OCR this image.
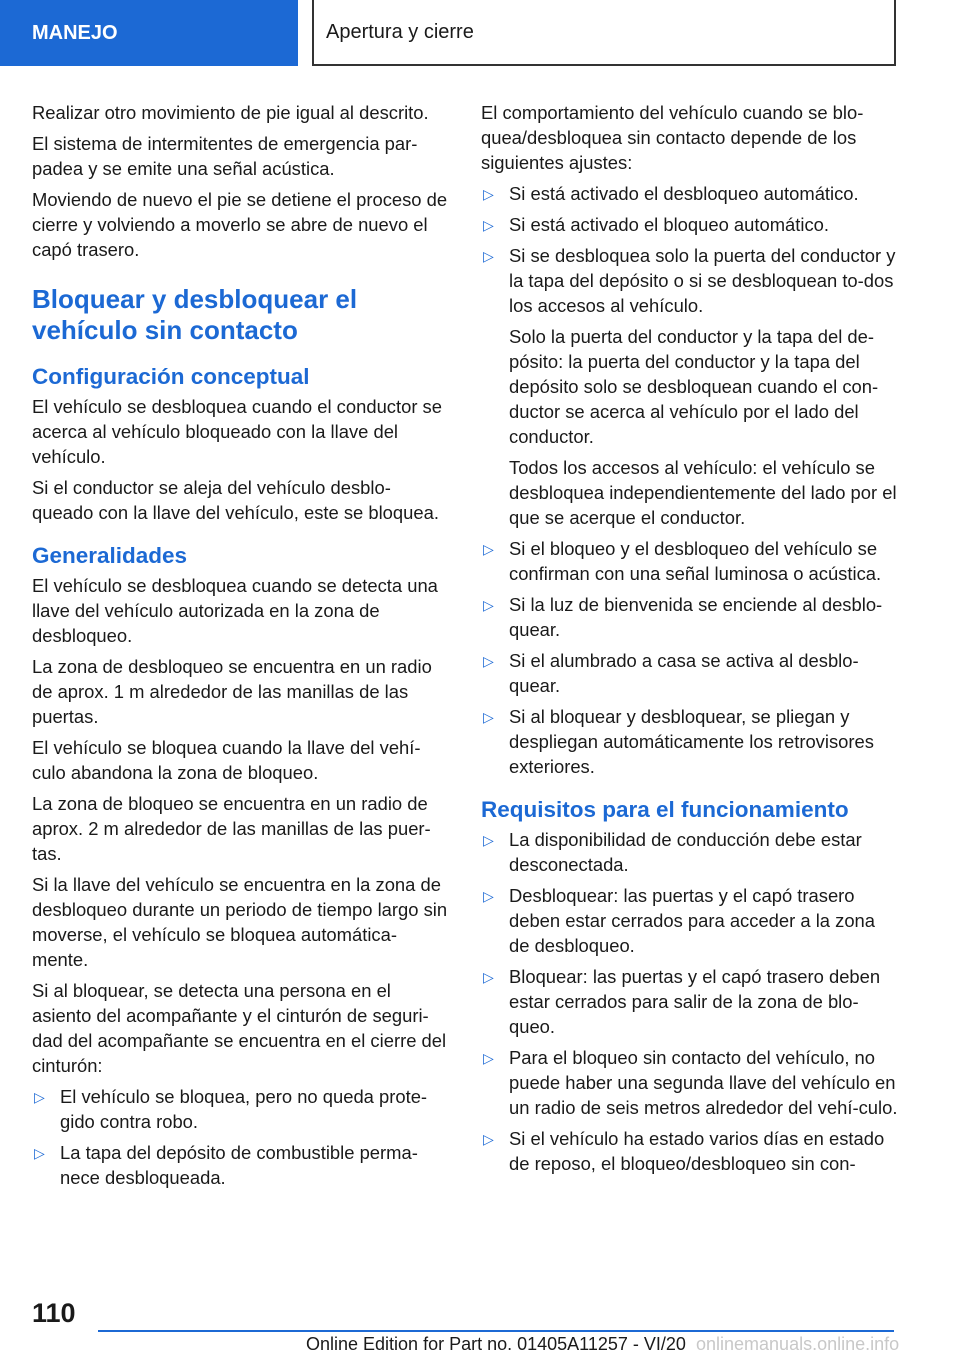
MANEJO	Apertura y cierre

Realizar otro movimiento de pie igual al descrito.

El sistema de intermitentes de emergencia par-padea y se emite una señal acústica.

Moviendo de nuevo el pie se detiene el proceso de cierre y volviendo a moverlo se abre de nuevo el capó trasero.

Bloquear y desbloquear el vehículo sin contacto
Configuración conceptual

El vehículo se desbloquea cuando el conductor se acerca al vehículo bloqueado con la llave del vehículo.

Si el conductor se aleja del vehículo desblo-queado con la llave del vehículo, este se bloquea.

Generalidades

El vehículo se desbloquea cuando se detecta una llave del vehículo autorizada en la zona de desbloqueo.

La zona de desbloqueo se encuentra en un radio de aprox. 1 m alrededor de las manillas de las puertas.

El vehículo se bloquea cuando la llave del vehí-culo abandona la zona de bloqueo.

La zona de bloqueo se encuentra en un radio de aprox. 2 m alrededor de las manillas de las puer-tas.

Si la llave del vehículo se encuentra en la zona de desbloqueo durante un periodo de tiempo largo sin moverse, el vehículo se bloquea automática-mente.

Si al bloquear, se detecta una persona en el asiento del acompañante y el cinturón de seguri-dad del acompañante se encuentra en el cierre del cinturón:

▷ El vehículo se bloquea, pero no queda prote-gido contra robo.
▷ La tapa del depósito de combustible perma-nece desbloqueada.

El comportamiento del vehículo cuando se blo-quea/desbloquea sin contacto depende de los siguientes ajustes:

▷ Si está activado el desbloqueo automático.
▷ Si está activado el bloqueo automático.
▷ Si se desbloquea solo la puerta del conductor y la tapa del depósito o si se desbloquean to-dos los accesos al vehículo.

Solo la puerta del conductor y la tapa del de-pósito: la puerta del conductor y la tapa del depósito solo se desbloquean cuando el con-ductor se acerca al vehículo por el lado del conductor.

Todos los accesos al vehículo: el vehículo se desbloquea independientemente del lado por el que se acerque el conductor.

▷ Si el bloqueo y el desbloqueo del vehículo se confirman con una señal luminosa o acústica.
▷ Si la luz de bienvenida se enciende al desblo-quear.
▷ Si el alumbrado a casa se activa al desblo-quear.
▷ Si al bloquear y desbloquear, se pliegan y despliegan automáticamente los retrovisores exteriores.
Requisitos para el funcionamiento
▷ La disponibilidad de conducción debe estar desconectada.
▷ Desbloquear: las puertas y el capó trasero deben estar cerrados para acceder a la zona de desbloqueo.
▷ Bloquear: las puertas y el capó trasero deben estar cerrados para salir de la zona de blo-queo.
▷ Para el bloqueo sin contacto del vehículo, no puede haber una segunda llave del vehículo en un radio de seis metros alrededor del vehí-culo.
▷ Si el vehículo ha estado varios días en estado de reposo, el bloqueo/desbloqueo sin con-
110
Online Edition for Part no. 01405A11257 - VI/20 onlinemanuals.online.info
